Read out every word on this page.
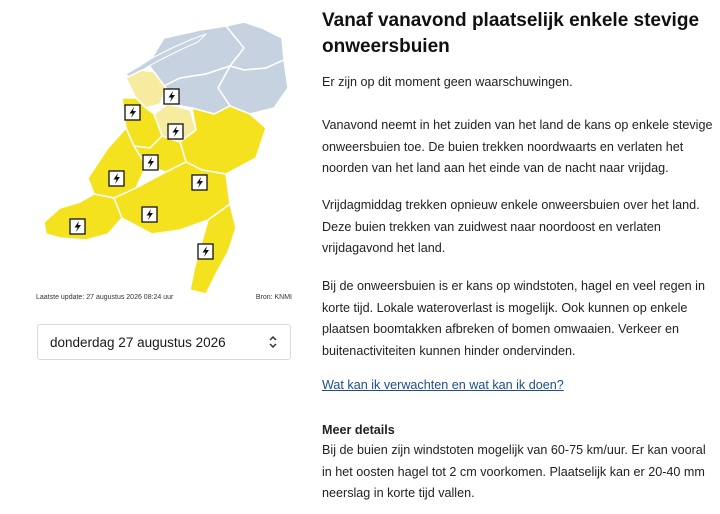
Laatste update: 27 augustus 2026 08:24 uur	Bron: KNMI
donderdag 27 augustus 2026
Vanaf vanavond plaatselijk enkele stevige onweersbuien

Er zijn op dit moment geen waarschuwingen.

Vanavond neemt in het zuiden van het land de kans op enkele stevige onweersbuien toe. De buien trekken noordwaarts en verlaten het noorden van het land aan het einde van de nacht naar vrijdag.

Vrijdagmiddag trekken opnieuw enkele onweersbuien over het land. Deze buien trekken van zuidwest naar noordoost en verlaten vrijdagavond het land.

Bij de onweersbuien is er kans op windstoten, hagel en veel regen in korte tijd. Lokale wateroverlast is mogelijk. Ook kunnen op enkele plaatsen boomtakken afbreken of bomen omwaaien. Verkeer en buitenactiviteiten kunnen hinder ondervinden.

Wat kan ik verwachten en wat kan ik doen?
Meer details

Bij de buien zijn windstoten mogelijk van 60-75 km/uur. Er kan vooral in het oosten hagel tot 2 cm voorkomen. Plaatselijk kan er 20-40 mm neerslag in korte tijd vallen.
